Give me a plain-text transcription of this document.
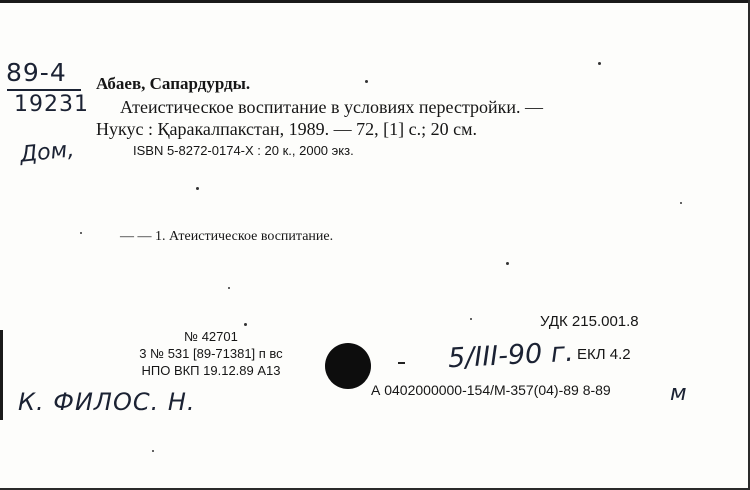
89-4
19231
Дом,
Абаев, Сапардурды.
Атеистическое воспитание в условиях перестройки. —
Нукус : Қаракалпакстан, 1989. — 72, [1] с.; 20 см.
ISBN 5-8272-0174-Х : 20 к., 2000 экз.
— — 1. Атеистическое воспитание.
УДК 215.001.8
№ 42701
3 № 531 [89-71381] п вс
НПО ВКП 19.12.89 А13	5/III-90 г. ЕКЛ 4.2
А 0402000000-154/М-357(04)-89 8-89
К. ФИЛОС. Н.	м
